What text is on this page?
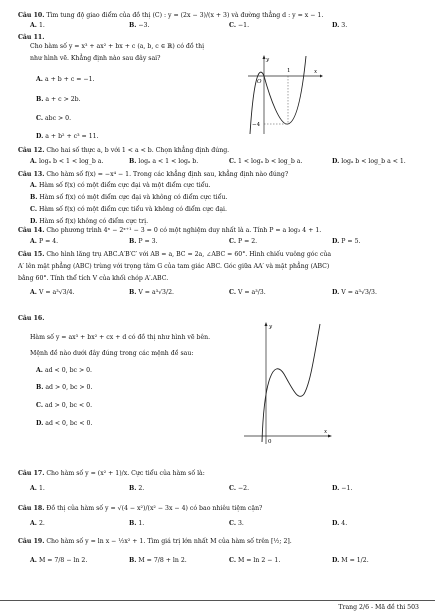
Câu 10. Tìm tung độ giao điểm của đồ thị (C) : y = (2x − 3)/(x + 3) và đường thẳng d : y = x − 1.
A. 1.	B. −3.	C. −1.	D. 3.
Câu 11.
Cho hàm số y = x³ + ax² + bx + c (a, b, c ∈ ℝ) có đồ thị
như hình vẽ. Khẳng định nào sau đây sai?
A. a + b + c = −1.
B. a + c > 2b.
C. abc > 0.
D. a + b² + c³ = 11.
y
x
O
1
−4
Câu 12. Cho hai số thực a, b với 1 < a < b. Chọn khẳng định đúng.
A. logₐ b < 1 < log_b a.	B. logₐ a < 1 < logₐ b.	C. 1 < logₐ b < log_b a.	D. logₐ b < log_b a < 1.
Câu 13. Cho hàm số f(x) = −x⁴ − 1. Trong các khẳng định sau, khẳng định nào đúng?
A. Hàm số f(x) có một điểm cực đại và một điểm cực tiểu.
B. Hàm số f(x) có một điểm cực đại và không có điểm cực tiểu.
C. Hàm số f(x) có một điểm cực tiểu và không có điểm cực đại.
D. Hàm số f(x) không có điểm cực trị.
Câu 14. Cho phương trình 4ˣ − 2ˣ⁺¹ − 3 = 0 có một nghiệm duy nhất là a. Tính P = a log₃ 4 + 1.
A. P = 4.	B. P = 3.	C. P = 2.	D. P = 5.
Câu 15. Cho hình lăng trụ ABC.A′B′C′ với AB = a, BC = 2a, ∠ABC = 60°. Hình chiếu vuông góc của
A′ lên mặt phẳng (ABC) trùng với trọng tâm G của tam giác ABC. Góc giữa AA′ và mặt phẳng (ABC)
bằng 60°. Tính thể tích V của khối chóp A′.ABC.
A. V = a³√3/4.	B. V = a³√3/2.	C. V = a³/3.	D. V = a³√3/3.
Câu 16.
Hàm số y = ax³ + bx² + cx + d có đồ thị như hình vẽ bên.
Mệnh đề nào dưới đây đúng trong các mệnh đề sau:
A. ad < 0, bc > 0.
B. ad > 0, bc > 0.
C. ad > 0, bc < 0.
D. ad < 0, bc < 0.
y
x
0
Câu 17. Cho hàm số y = (x² + 1)/x. Cực tiểu của hàm số là:
A. 1.	B. 2.	C. −2.	D. −1.
Câu 18. Đồ thị của hàm số y = √(4 − x²)/(x² − 3x − 4) có bao nhiêu tiệm cận?
A. 2.	B. 1.	C. 3.	D. 4.
Câu 19. Cho hàm số y = ln x − ½x² + 1. Tìm giá trị lớn nhất M của hàm số trên [½; 2].
A. M = 7/8 − ln 2.	B. M = 7/8 + ln 2.	C. M = ln 2 − 1.	D. M = 1/2.
Trang 2/6 - Mã đề thi 503
